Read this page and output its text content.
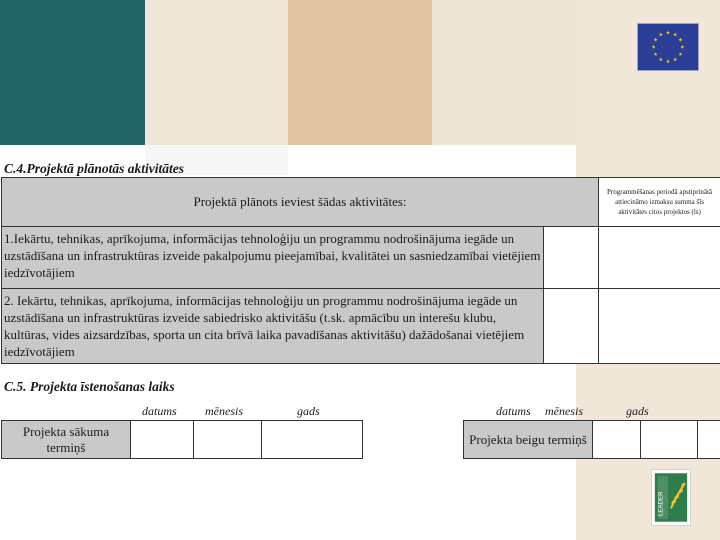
C.4.Projektā plānotās aktivitātes
Projektā plānots ieviest šādas aktivitātes:		Programmēšanas periodā apstiprinātā attiecināmo izmaksu summa šīs aktivitātes citos projektos (ls)
1.Iekārtu, tehnikas, aprīkojuma, informācijas tehnoloģiju un programmu nodrošinājuma iegāde un uzstādīšana un infrastruktūras izveide pakalpojumu pieejamībai, kvalitātei un sasniedzamībai vietējiem iedzīvotājiem		
2. Iekārtu, tehnikas, aprīkojuma, informācijas tehnoloģiju un programmu nodrošinājuma iegāde un uzstādīšana un infrastruktūras izveide sabiedrisko aktivitāšu (t.sk. apmācību un interešu klubu, kultūras, vides aizsardzības, sporta un cita brīvā laika pavadīšanas aktivitāšu) dažādošanai vietējiem iedzīvotājiem		
C.5. Projekta īstenošanas laiks
datums mēnesis	gads	datums mēnesis	gads
Projekta sākuma termiņš					Projekta beigu termiņš			
LEADER
